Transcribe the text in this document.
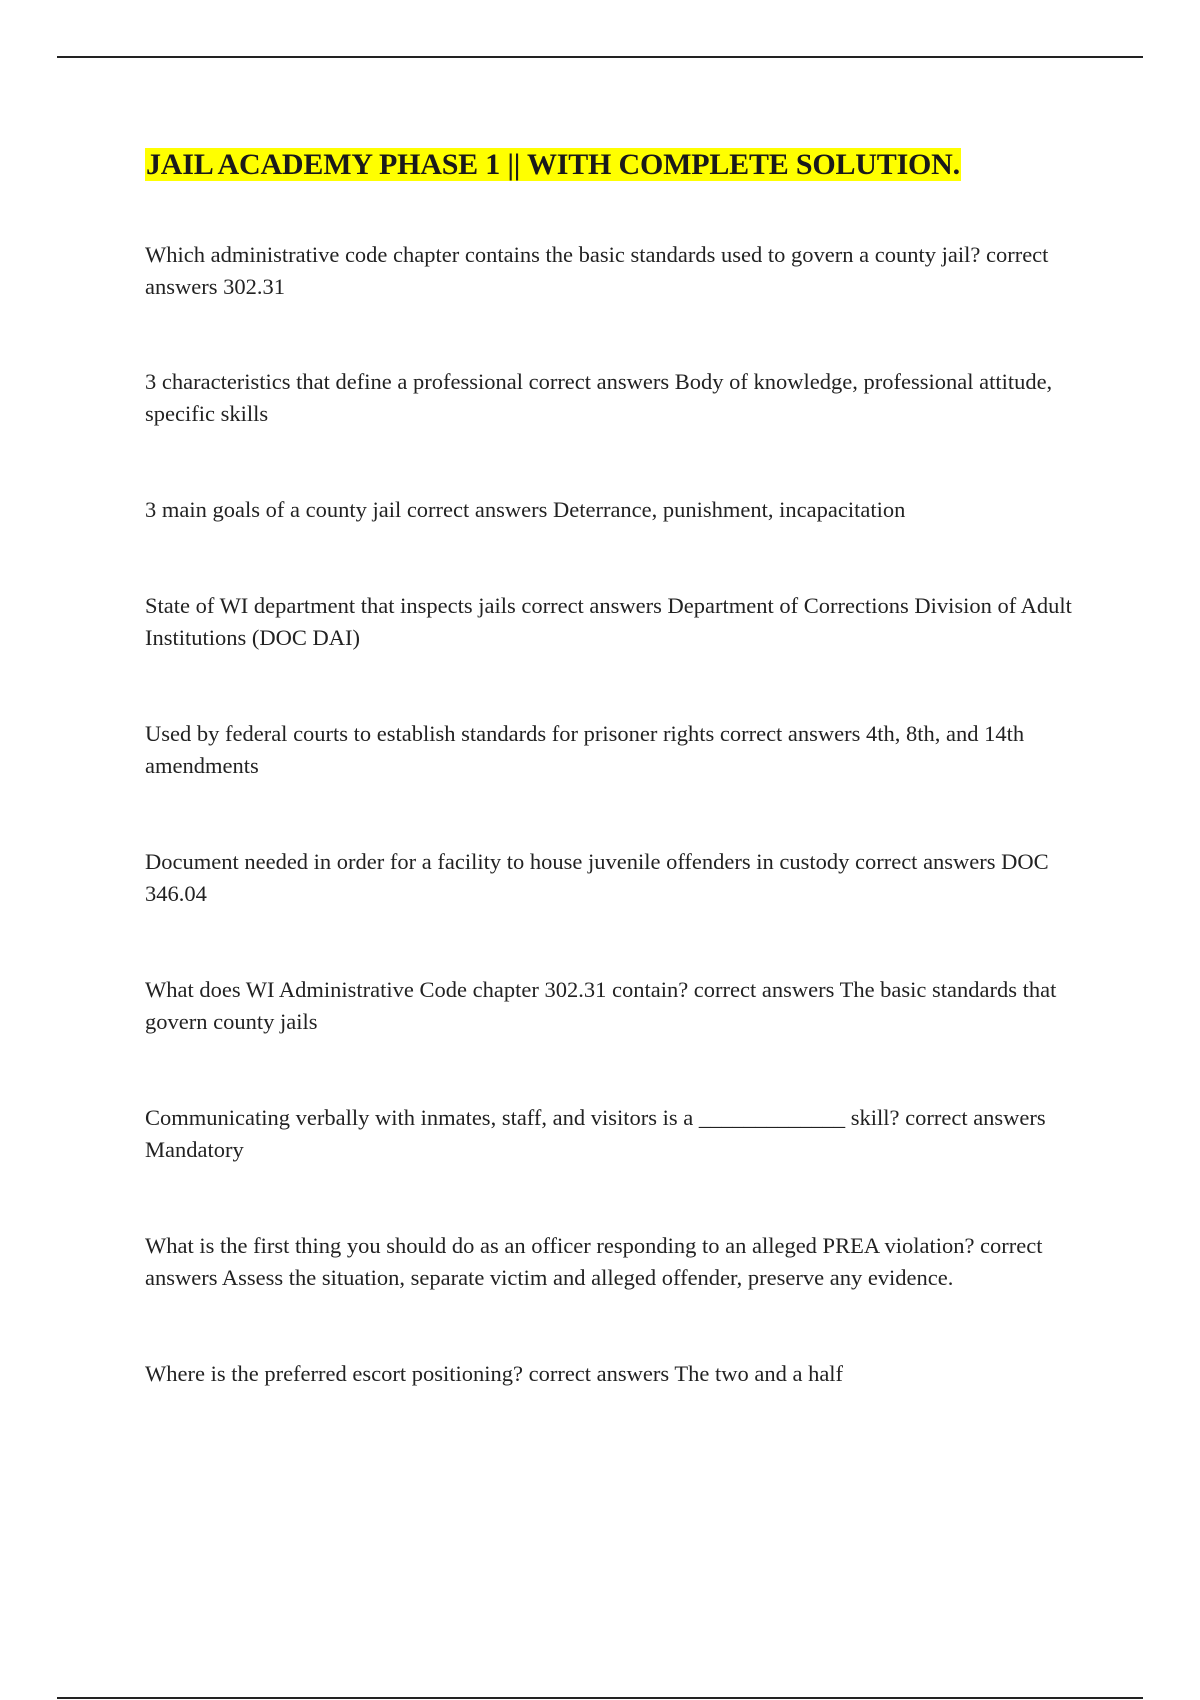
JAIL ACADEMY PHASE 1 || WITH COMPLETE SOLUTION.

Which administrative code chapter contains the basic standards used to govern a county jail? correct answers 302.31

3 characteristics that define a professional correct answers Body of knowledge, professional attitude, specific skills

3 main goals of a county jail correct answers Deterrance, punishment, incapacitation

State of WI department that inspects jails correct answers Department of Corrections Division of Adult Institutions (DOC DAI)

Used by federal courts to establish standards for prisoner rights correct answers 4th, 8th, and 14th amendments

Document needed in order for a facility to house juvenile offenders in custody correct answers DOC 346.04

What does WI Administrative Code chapter 302.31 contain? correct answers The basic standards that govern county jails

Communicating verbally with inmates, staff, and visitors is a _____________ skill? correct answers Mandatory

What is the first thing you should do as an officer responding to an alleged PREA violation? correct answers Assess the situation, separate victim and alleged offender, preserve any evidence.

Where is the preferred escort positioning? correct answers The two and a half
